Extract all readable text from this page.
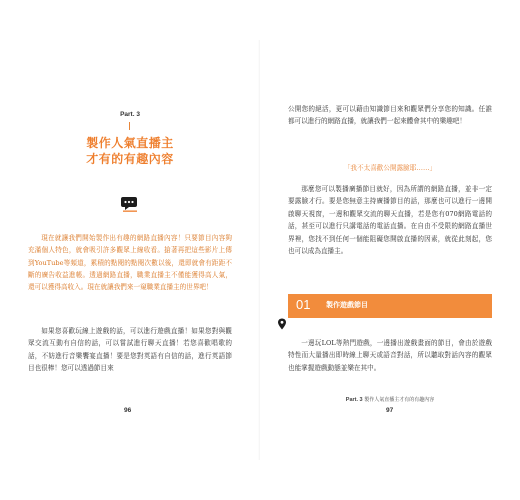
Part. 3
製作人氣直播主
才有的有趣內容
現在就讓我們開始製作出有趣的網路直播內容！只要節目內容夠充滿個人特色，就會吸引許多觀眾上線收看。搶著再把這些影片上傳到YouTube等頻道，累積的點閱的點閱次數以後，還即就會有距距不斷的廣告收益進帳。透過網路直播，職業直播主不僅能獲得高人氣，還可以獲得高收入。現在就讓我們來一窺職業直播主的世界吧！
如果您喜歡玩線上遊戲的話，可以進行遊戲直播！如果您對與觀眾交流互動有自信的話，可以嘗試進行聊天直播！若您喜歡唱歌的話，不妨進行音樂饗宴直播！要是您對英語有自信的話，進行英語節目也很棒！您可以透過節目來
96
公開您的絕活，更可以藉由知識節目來和觀眾們分享您的知識。任誰都可以進行的網路直播，就讓我們一起來體會其中的樂趣吧！
「我不太喜歡公開露臉耶……」
那麼您可以製播廣播節目就好，因為所謂的網路直播，並非一定要露臉才行。要是您無意主持廣播節目的話，那麼也可以進行一邊開啟聊天視窗，一邊和觀眾交流的聊天直播，若是您有070網路電話的話，甚至可以進行只講電話的電話直播。在自由不受限的網路直播世界裡，您找不到任何一個能阻礙您開啟直播的因素，就從此刻起，您也可以成為直播主。
01 製作遊戲節目
一邊玩LOL等熱門遊戲，一邊播出遊戲畫面的節目，會由於遊戲特性而大量播出即時線上聊天或語音對話，所以聽取對話內容的觀眾也能掌握遊戲動態並樂在其中。
Part. 3 製作人氣直播主才有的有趣內容
97
